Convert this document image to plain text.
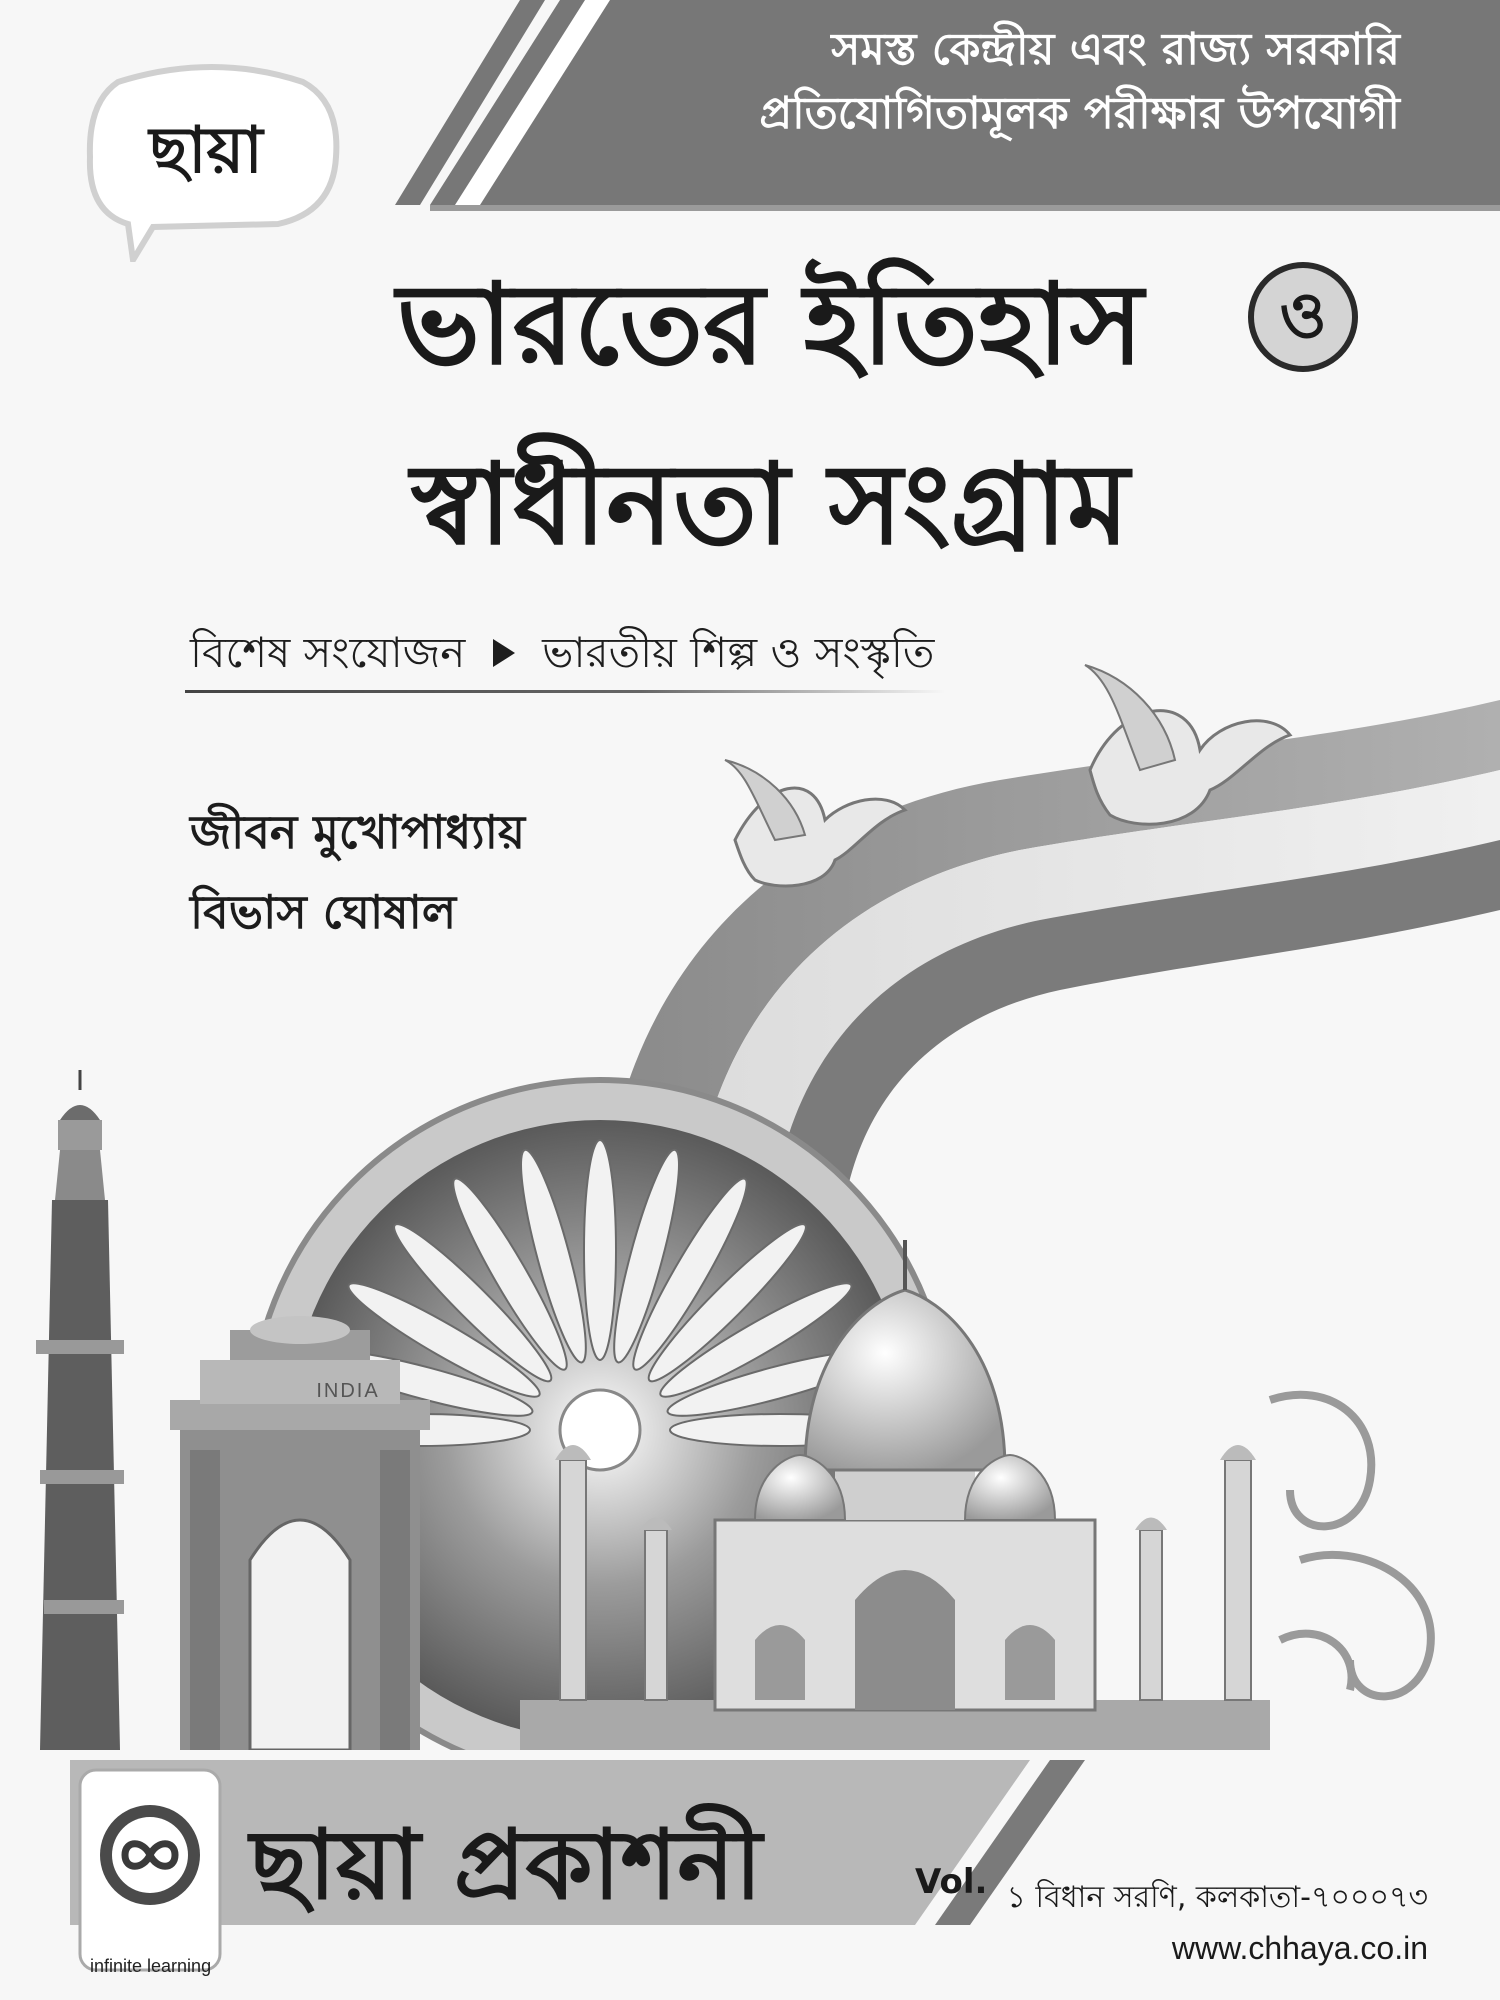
সমস্ত কেন্দ্রীয় এবং রাজ্য সরকারি
প্রতিযোগিতামূলক পরীক্ষার উপযোগী
ছায়া
ভারতের ইতিহাস	ও
স্বাধীনতা সংগ্রাম
বিশেষ সংযোজন ভারতীয় শিল্প ও সংস্কৃতি
জীবন মুখোপাধ্যায়
বিভাস ঘোষাল
INDIA
infinite learning
ছায়া প্রকাশনী	Vol. ১ বিধান সরণি, কলকাতা-৭০০০৭৩
www.chhaya.co.in
